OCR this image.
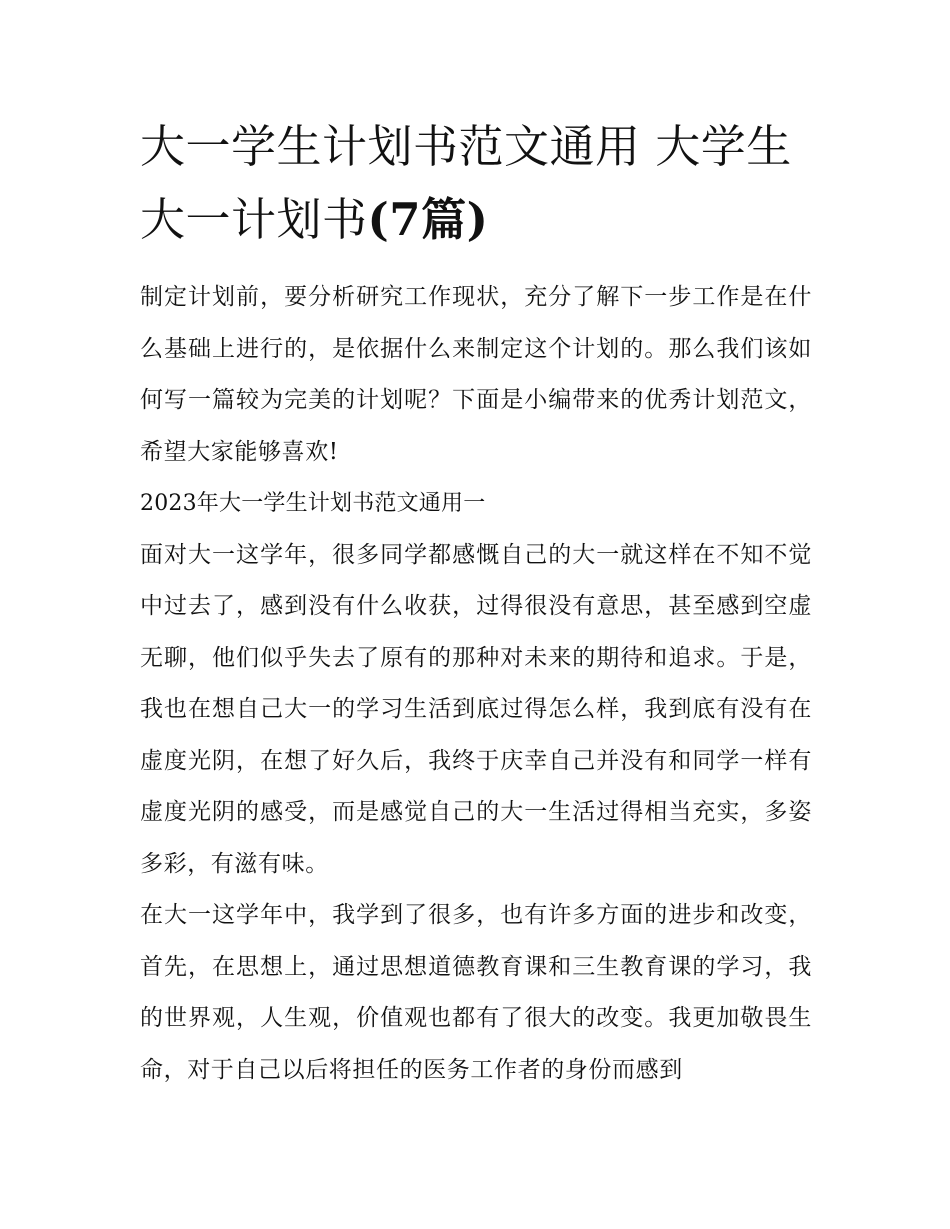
大一学生计划书范文通用 大学生大一计划书(7篇)

制定计划前，要分析研究工作现状，充分了解下一步工作是在什么基础上进行的，是依据什么来制定这个计划的。那么我们该如何写一篇较为完美的计划呢？下面是小编带来的优秀计划范文，希望大家能够喜欢!

2023年大一学生计划书范文通用一

面对大一这学年，很多同学都感慨自己的大一就这样在不知不觉中过去了，感到没有什么收获，过得很没有意思，甚至感到空虚无聊，他们似乎失去了原有的那种对未来的期待和追求。于是，我也在想自己大一的学习生活到底过得怎么样，我到底有没有在虚度光阴，在想了好久后，我终于庆幸自己并没有和同学一样有虚度光阴的感受，而是感觉自己的大一生活过得相当充实，多姿多彩，有滋有味。

在大一这学年中，我学到了很多，也有许多方面的进步和改变，首先，在思想上，通过思想道德教育课和三生教育课的学习，我的世界观，人生观，价值观也都有了很大的改变。我更加敬畏生命，对于自己以后将担任的医务工作者的身份而感到
